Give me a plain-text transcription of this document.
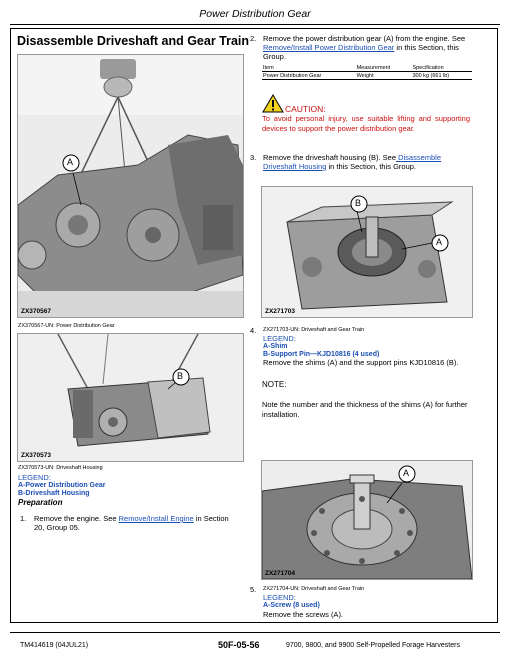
Power Distribution Gear
Disassemble Driveshaft and Gear Train
A
ZX370567
ZX370567-UN: Power Distribution Gear
B
ZX370573
ZX370573-UN: Driveshaft Housing
LEGEND:
A-Power Distribution Gear
B-Driveshaft Housing
Preparation
1. Remove the engine. See Remove/Install Engine in Section 20, Group 05.
2. Remove the power distribution gear (A) from the engine. See Remove/Install Power Distribution Gear in this Section, this Group.
Item	Measurement	Specification
Power Distribution Gear	Weight	300 kg (661 lb)
CAUTION:
To avoid personal injury, use suitable lifting and supporting devices to support the power distribution gear.
3. Remove the driveshaft housing (B). See Disassemble Driveshaft Housing in this Section, this Group.
B
A
ZX271703
4. ZX271703-UN: Driveshaft and Gear Train
LEGEND:
A-Shim
B-Support Pin—KJD10816 (4 used)
Remove the shims (A) and the support pins KJD10816 (B).
NOTE:
Note the number and the thickness of the shims (A) for further installation.
A
ZX271704
5. ZX271704-UN: Driveshaft and Gear Train
LEGEND:
A-Screw (8 used)
Remove the screws (A).
TM414619 (04JUL21)	50F-05-56	9700, 9800, and 9900 Self-Propelled Forage Harvesters
